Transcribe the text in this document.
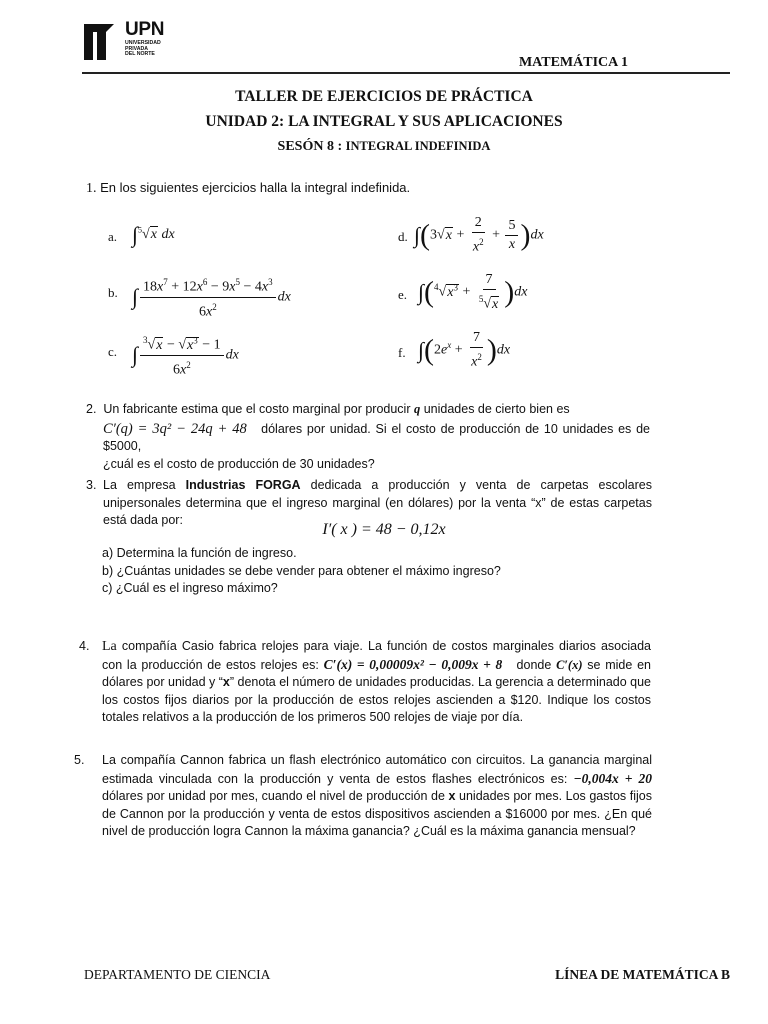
UPN
UNIVERSIDAD
PRIVADA
DEL NORTE
MATEMÁTICA 1
TALLER DE EJERCICIOS DE PRÁCTICA
UNIDAD 2: LA INTEGRAL Y SUS APLICACIONES
SESÓN 8 : INTEGRAL INDEFINIDA
1. En los siguientes ejercicios halla la integral indefinida.
a. ∫$^5$√x dx
b. ∫ $\frac{18x^7 + 12x^6 - 9x^5 - 4x^3}{6x^2}$ dx
c. ∫ $\frac{^3√x - √x^3 - 1}{6x^2}$ dx
d. $\int(3√x + \frac{2}{x^2} + \frac{5}{x} )dx$
e. $\int(^4√x^3 + \frac{7}{^5√x} )dx$
f. $\int(2e^x + \frac{7}{x^2} )dx$
2. Un fabricante estima que el costo marginal por producir q unidades de cierto bien es
C′(q) = 3q² − 24q + 48 dólares por unidad. Si el costo de producción de 10 unidades es de $5000,
¿cuál es el costo de producción de 30 unidades?
3. La empresa Industrias FORGA dedicada a producción y venta de carpetas escolares unipersonales determina que el ingreso marginal (en dólares) por la venta “x” de estas carpetas está dada por:
I′( x ) = 48 − 0,12x
a) Determina la función de ingreso.
b) ¿Cuántas unidades se debe vender para obtener el máximo ingreso?
c) ¿Cuál es el ingreso máximo?
4. La compañía Casio fabrica relojes para viaje. La función de costos marginales diarios asociada con la producción de estos relojes es: C′(x) = 0,00009x² − 0,009x + 8 donde C′(x) se mide en dólares por unidad y “x” denota el número de unidades producidas. La gerencia a determinado que los costos fijos diarios por la producción de estos relojes ascienden a $120. Indique los costos totales relativos a la producción de los primeros 500 relojes de viaje por día.
5.	La compañía Cannon fabrica un flash electrónico automático con circuitos. La ganancia marginal estimada vinculada con la producción y venta de estos flashes electrónicos es: −0,004x + 20 dólares por unidad por mes, cuando el nivel de producción de x unidades por mes. Los gastos fijos de Cannon por la producción y venta de estos dispositivos ascienden a $16000 por mes. ¿En qué nivel de producción logra Cannon la máxima ganancia? ¿Cuál es la máxima ganancia mensual?
DEPARTAMENTO DE CIENCIA	LÍNEA DE MATEMÁTICA B
